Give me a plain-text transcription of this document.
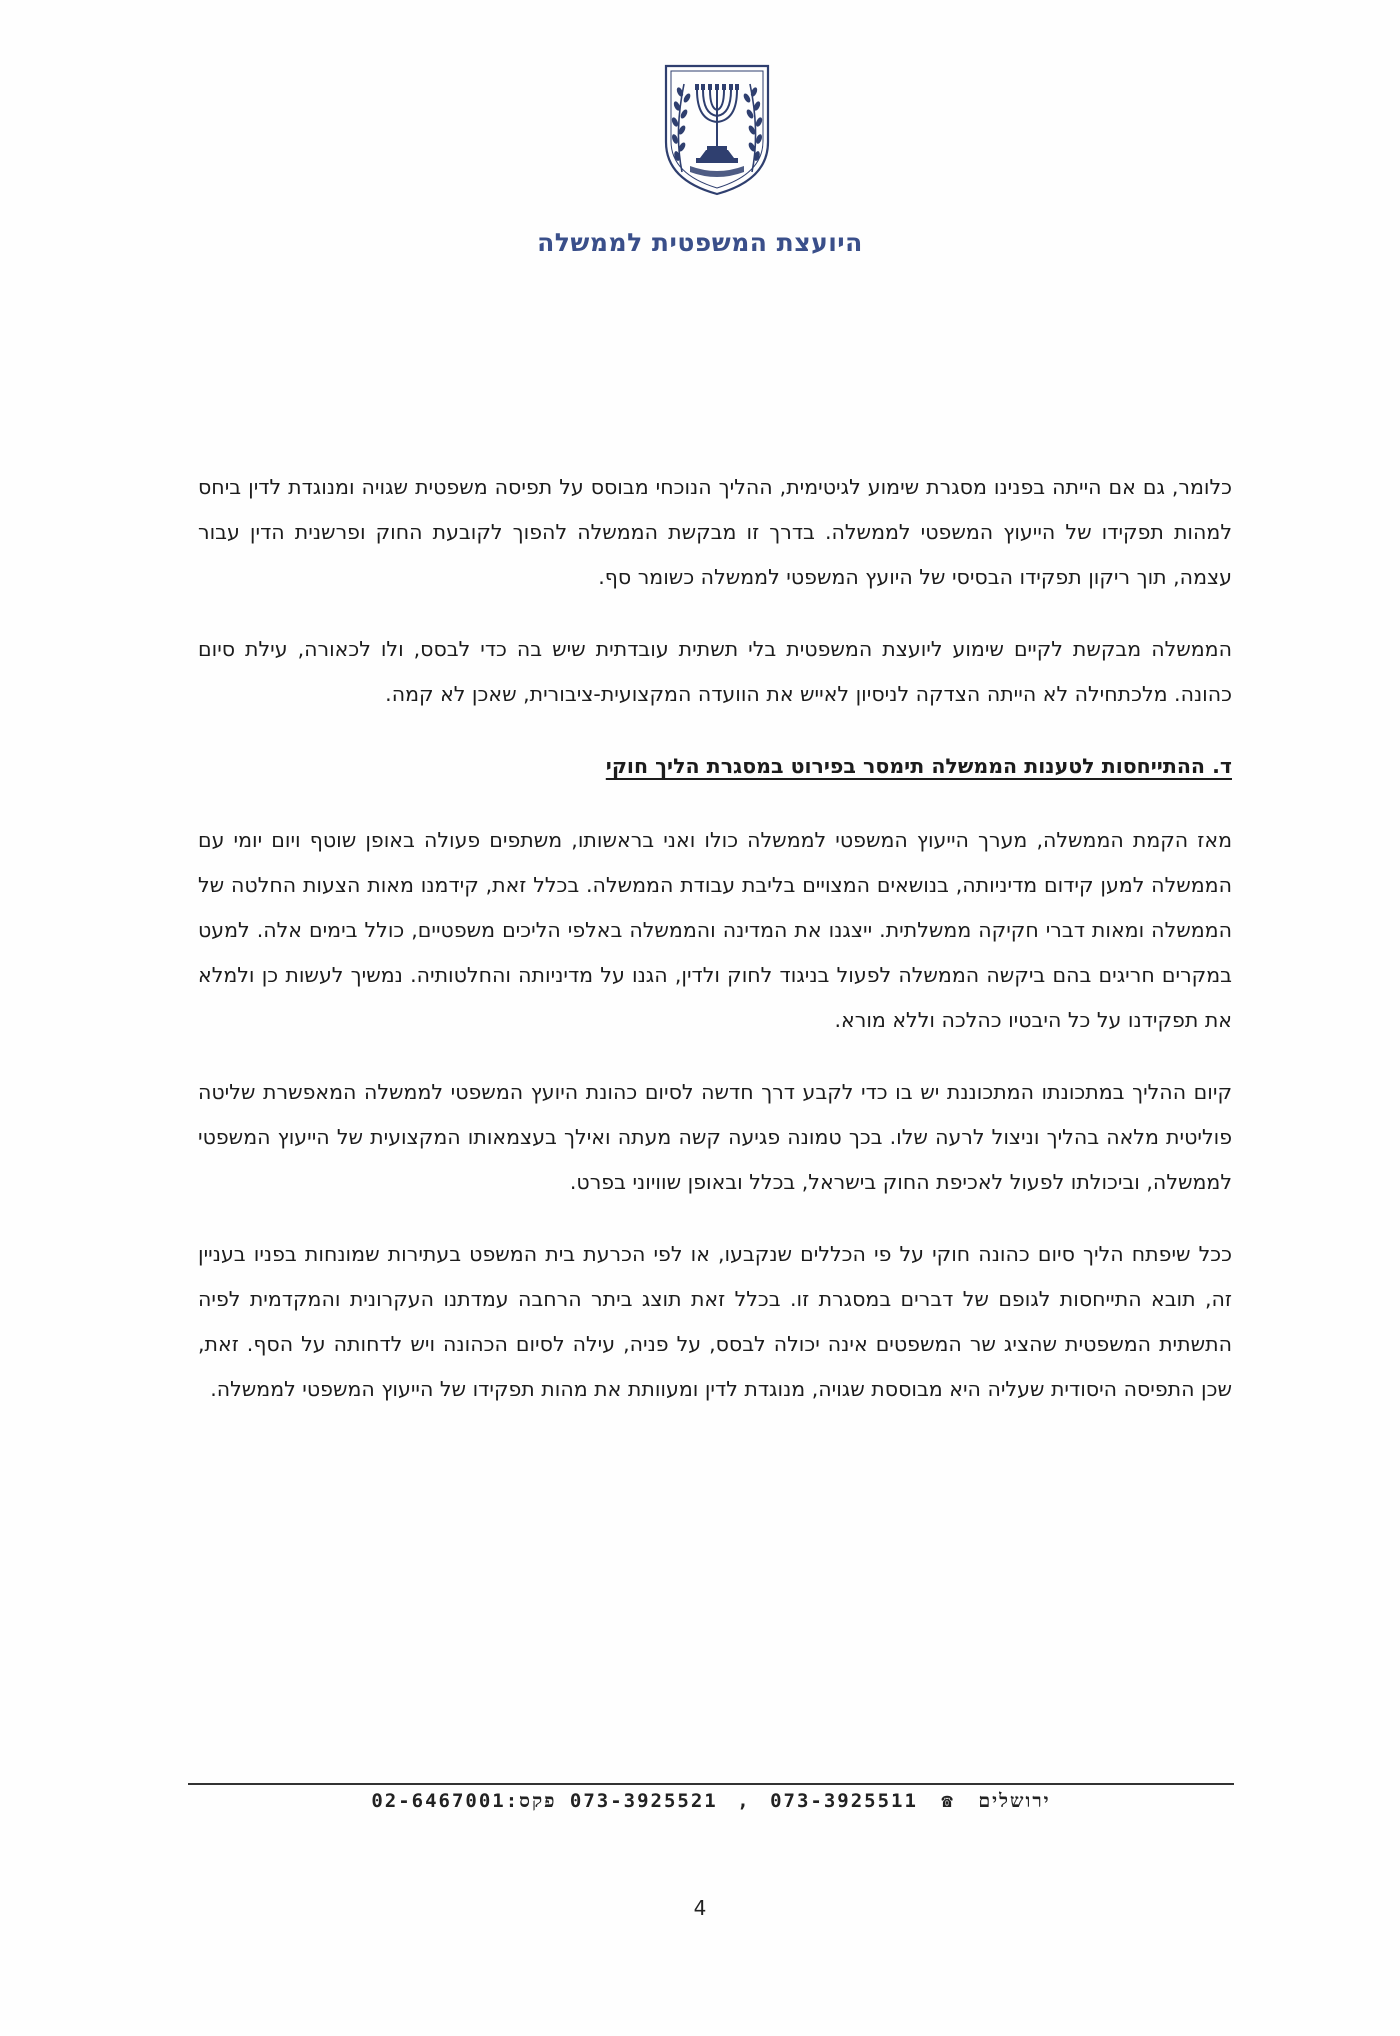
היועצת המשפטית לממשלה

כלומר, גם אם הייתה בפנינו מסגרת שימוע לגיטימית, ההליך הנוכחי מבוסס על תפיסה משפטית שגויה ומנוגדת לדין ביחס למהות תפקידו של הייעוץ המשפטי לממשלה. בדרך זו מבקשת הממשלה להפוך לקובעת החוק ופרשנית הדין עבור עצמה, תוך ריקון תפקידו הבסיסי של היועץ המשפטי לממשלה כשומר סף.

הממשלה מבקשת לקיים שימוע ליועצת המשפטית בלי תשתית עובדתית שיש בה כדי לבסס, ולו לכאורה, עילת סיום כהונה. מלכתחילה לא הייתה הצדקה לניסיון לאייש את הוועדה המקצועית-ציבורית, שאכן לא קמה.

ד. ההתייחסות לטענות הממשלה תימסר בפירוט במסגרת הליך חוקי

מאז הקמת הממשלה, מערך הייעוץ המשפטי לממשלה כולו ואני בראשותו, משתפים פעולה באופן שוטף ויום יומי עם הממשלה למען קידום מדיניותה, בנושאים המצויים בליבת עבודת הממשלה. בכלל זאת, קידמנו מאות הצעות החלטה של הממשלה ומאות דברי חקיקה ממשלתית. ייצגנו את המדינה והממשלה באלפי הליכים משפטיים, כולל בימים אלה. למעט במקרים חריגים בהם ביקשה הממשלה לפעול בניגוד לחוק ולדין, הגנו על מדיניותה והחלטותיה. נמשיך לעשות כן ולמלא את תפקידנו על כל היבטיו כהלכה וללא מורא.

קיום ההליך במתכונתו המתכוננת יש בו כדי לקבע דרך חדשה לסיום כהונת היועץ המשפטי לממשלה המאפשרת שליטה פוליטית מלאה בהליך וניצול לרעה שלו. בכך טמונה פגיעה קשה מעתה ואילך בעצמאותו המקצועית של הייעוץ המשפטי לממשלה, וביכולתו לפעול לאכיפת החוק בישראל, בכלל ובאופן שוויוני בפרט.

ככל שיפתח הליך סיום כהונה חוקי על פי הכללים שנקבעו, או לפי הכרעת בית המשפט בעתירות שמונחות בפניו בעניין זה, תובא התייחסות לגופם של דברים במסגרת זו. בכלל זאת תוצג ביתר הרחבה עמדתנו העקרונית והמקדמית לפיה התשתית המשפטית שהציג שר המשפטים אינה יכולה לבסס, על פניה, עילה לסיום הכהונה ויש לדחותה על הסף. זאת, שכן התפיסה היסודית שעליה היא מבוססת שגויה, מנוגדת לדין ומעוותת את מהות תפקידו של הייעוץ המשפטי לממשלה.

ירושלים ☎ 073-3925511 , 073-3925521 פקס:02-6467001
4
